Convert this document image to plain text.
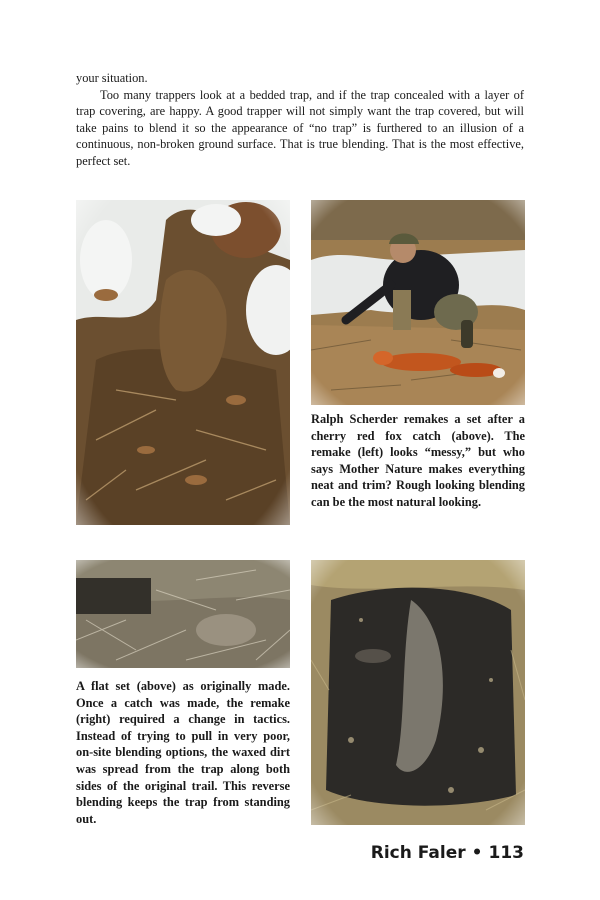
your situation.

Too many trappers look at a bedded trap, and if the trap concealed with a layer of trap covering, are happy. A good trapper will not simply want the trap covered, but will take pains to blend it so the appearance of “no trap” is furthered to an illusion of a continuous, non-broken ground surface. That is true blending. That is the most effective, perfect set.

Ralph Scherder remakes a set after a cherry red fox catch (above). The remake (left) looks “messy,” but who says Mother Nature makes everything neat and trim? Rough looking blending can be the most natural looking.

A flat set (above) as originally made. Once a catch was made, the remake (right) required a change in tactics. Instead of trying to pull in very poor, on-site blending options, the waxed dirt was spread from the trap along both sides of the original trail. This reverse blending keeps the trap from standing out.

Rich Faler • 113
